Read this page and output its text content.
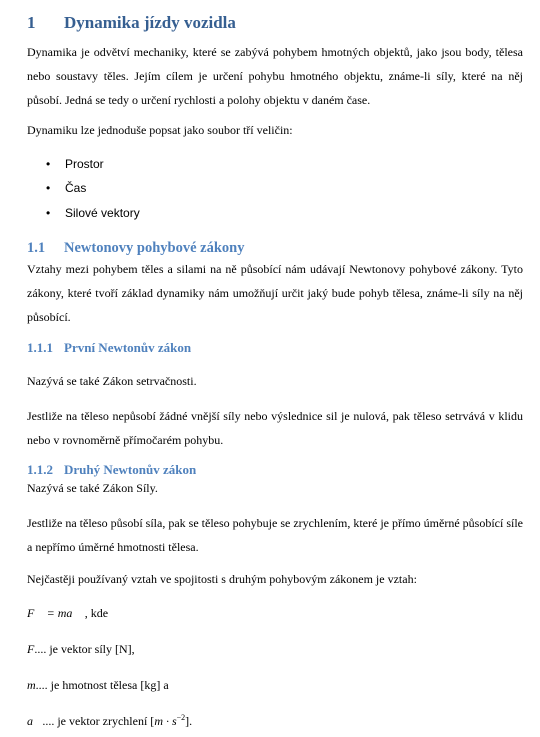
1 Dynamika jízdy vozidla
Dynamika je odvětví mechaniky, které se zabývá pohybem hmotných objektů, jako jsou body, tělesa nebo soustavy těles. Jejím cílem je určení pohybu hmotného objektu, známe-li síly, které na něj působí. Jedná se tedy o určení rychlosti a polohy objektu v daném čase.
Dynamiku lze jednoduše popsat jako soubor tří veličin:
• Prostor
• Čas
• Silové vektory
1.1 Newtonovy pohybové zákony
Vztahy mezi pohybem těles a silami na ně působící nám udávají Newtonovy pohybové zákony. Tyto zákony, které tvoří základ dynamiky nám umožňují určit jaký bude pohyb tělesa, známe-li síly na něj působící.
1.1.1 První Newtonův zákon
Nazývá se také Zákon setrvačnosti.
Jestliže na těleso nepůsobí žádné vnější síly nebo výslednice sil je nulová, pak těleso setrvává v klidu nebo v rovnoměrně přímočarém pohybu.
1.1.2 Druhý Newtonův zákon
Nazývá se také Zákon Síly.
Jestliže na těleso působí síla, pak se těleso pohybuje se zrychlením, které je přímo úměrné působící síle a nepřímo úměrné hmotnosti tělesa.
Nejčastěji používaný vztah ve spojitosti s druhým pohybovým zákonem je vztah:
F⃗ = ma⃗ , kde
F.... je vektor síly [N],
m.... je hmotnost tělesa [kg] a
a⃗.... je vektor zrychlení $[m \cdot s^{-2}]$.
